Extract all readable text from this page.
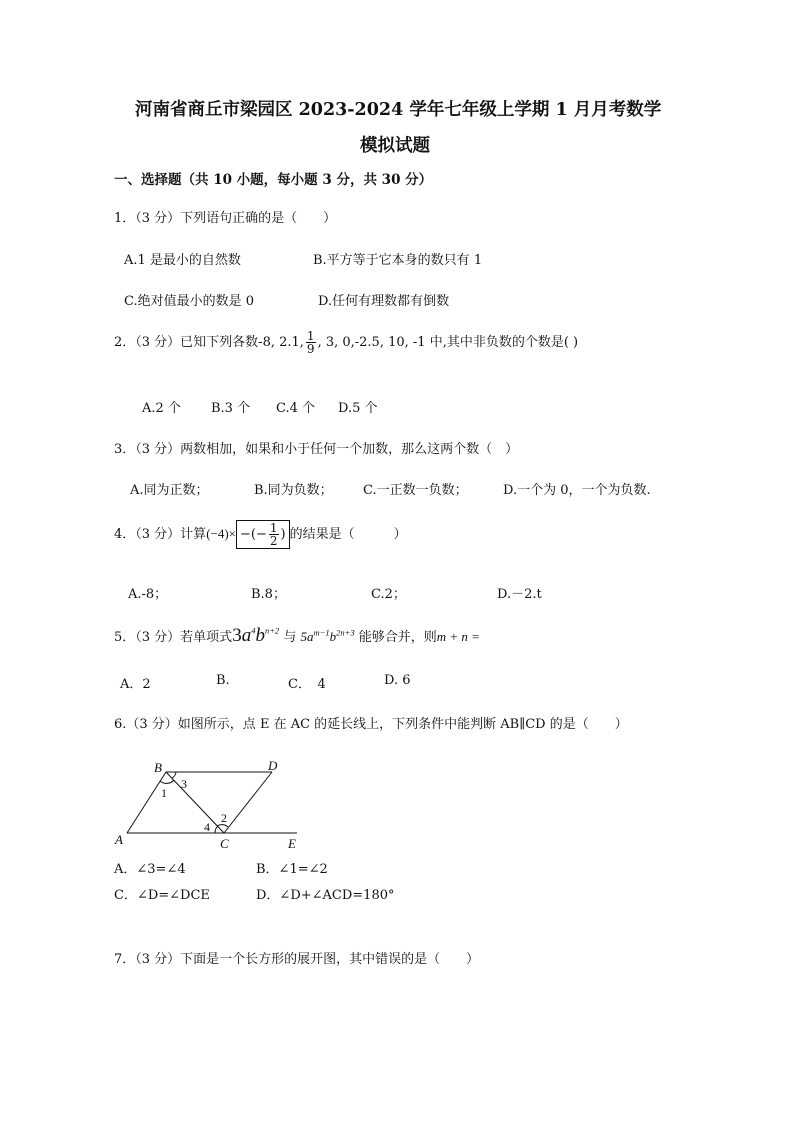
河南省商丘市梁园区 2023-2024 学年七年级上学期 1 月月考数学
模拟试题
一、选择题（共 10 小题，每小题 3 分，共 30 分）
1．（3 分）下列语句正确的是（　　）
A.1 是最小的自然数	B.平方等于它本身的数只有 1
C.绝对值最小的数是 0	D.任何有理数都有倒数
2．（3 分）已知下列各数-8, 2.1, $\frac{1}{9}$ , 3, 0,-2.5, 10, -1 中,其中非负数的个数是( )
A.2 个 B.3 个 C.4 个 D.5 个
3．（3 分）两数相加，如果和小于任何一个加数，那么这两个数（　）
A.同为正数；	B.同为负数； C.一正数一负数；	D.一个为 0，一个为负数.
4．（3 分）计算(−4)× −(− $\frac{1}{2}$ ) 的结果是（　　　）
A.-8；	B.8；	C.2；	D.－2.t
5．（3 分）若单项式$3a^4b^{n+2}$ 与 $5a^{m-1}b^{2n+3}$ 能够合并，则m + n =
A．2	B.	C．　4	D. 6
6.（3 分）如图所示，点 E 在 AC 的延长线上，下列条件中能判断 AB∥CD 的是（　　）
B	D
A	C	E
1
3
2
4
A．∠3=∠4	B．∠1=∠2
C．∠D=∠DCE	D．∠D+∠ACD=180°
7．（3 分）下面是一个长方形的展开图，其中错误的是（　　）
